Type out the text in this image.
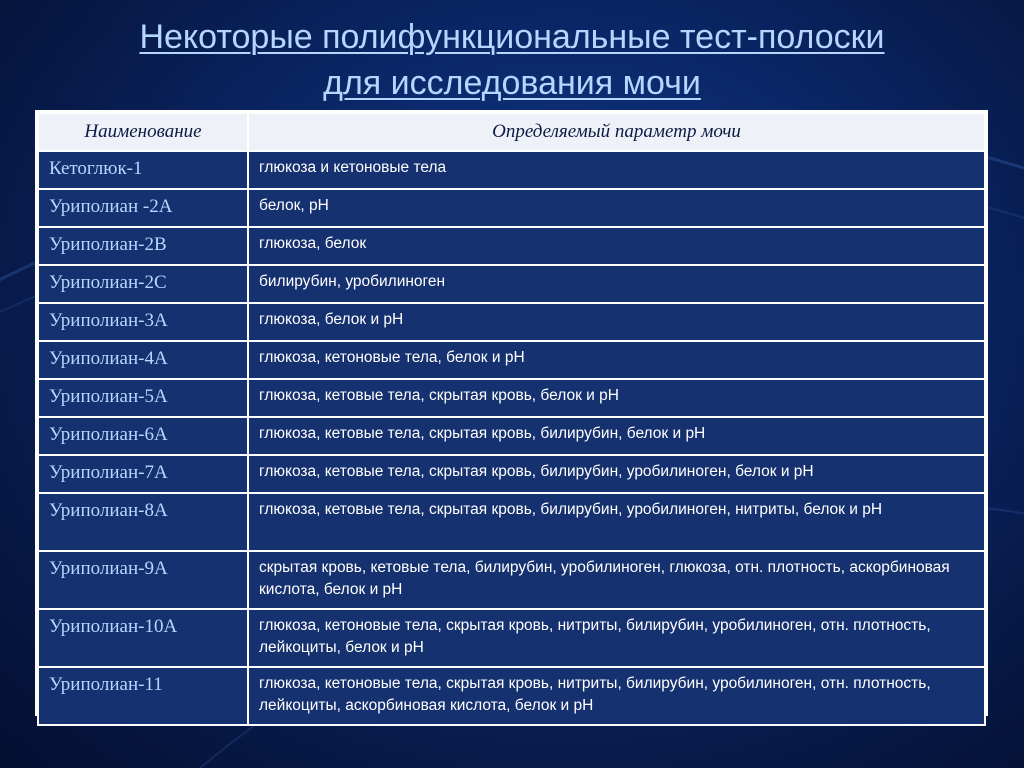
Некоторые полифункциональные тест-полоски
для исследования мочи
Наименование	Определяемый параметр мочи
Кетоглюк-1	глюкоза и кетоновые тела
Уриполиан -2А	белок, рН
Уриполиан-2В	глюкоза, белок
Уриполиан-2С	билирубин, уробилиноген
Уриполиан-3А	глюкоза, белок и рН
Уриполиан-4А	глюкоза, кетоновые тела, белок и рН
Уриполиан-5А	глюкоза, кетовые тела, скрытая кровь, белок и рН
Уриполиан-6А	глюкоза, кетовые тела, скрытая кровь, билирубин, белок и рН
Уриполиан-7А	глюкоза, кетовые тела, скрытая кровь, билирубин, уробилиноген, белок и рН
Уриполиан-8А	глюкоза, кетовые тела, скрытая кровь, билирубин, уробилиноген, нитриты, белок и рН
Уриполиан-9А	скрытая кровь, кетовые тела, билирубин, уробилиноген, глюкоза, отн. плотность, аскорбиновая кислота, белок и рН
Уриполиан-10А	глюкоза, кетоновые тела, скрытая кровь, нитриты, билирубин, уробилиноген, отн. плотность, лейкоциты, белок и рН
Уриполиан-11	глюкоза, кетоновые тела, скрытая кровь, нитриты, билирубин, уробилиноген, отн. плотность, лейкоциты, аскорбиновая кислота, белок и рН
